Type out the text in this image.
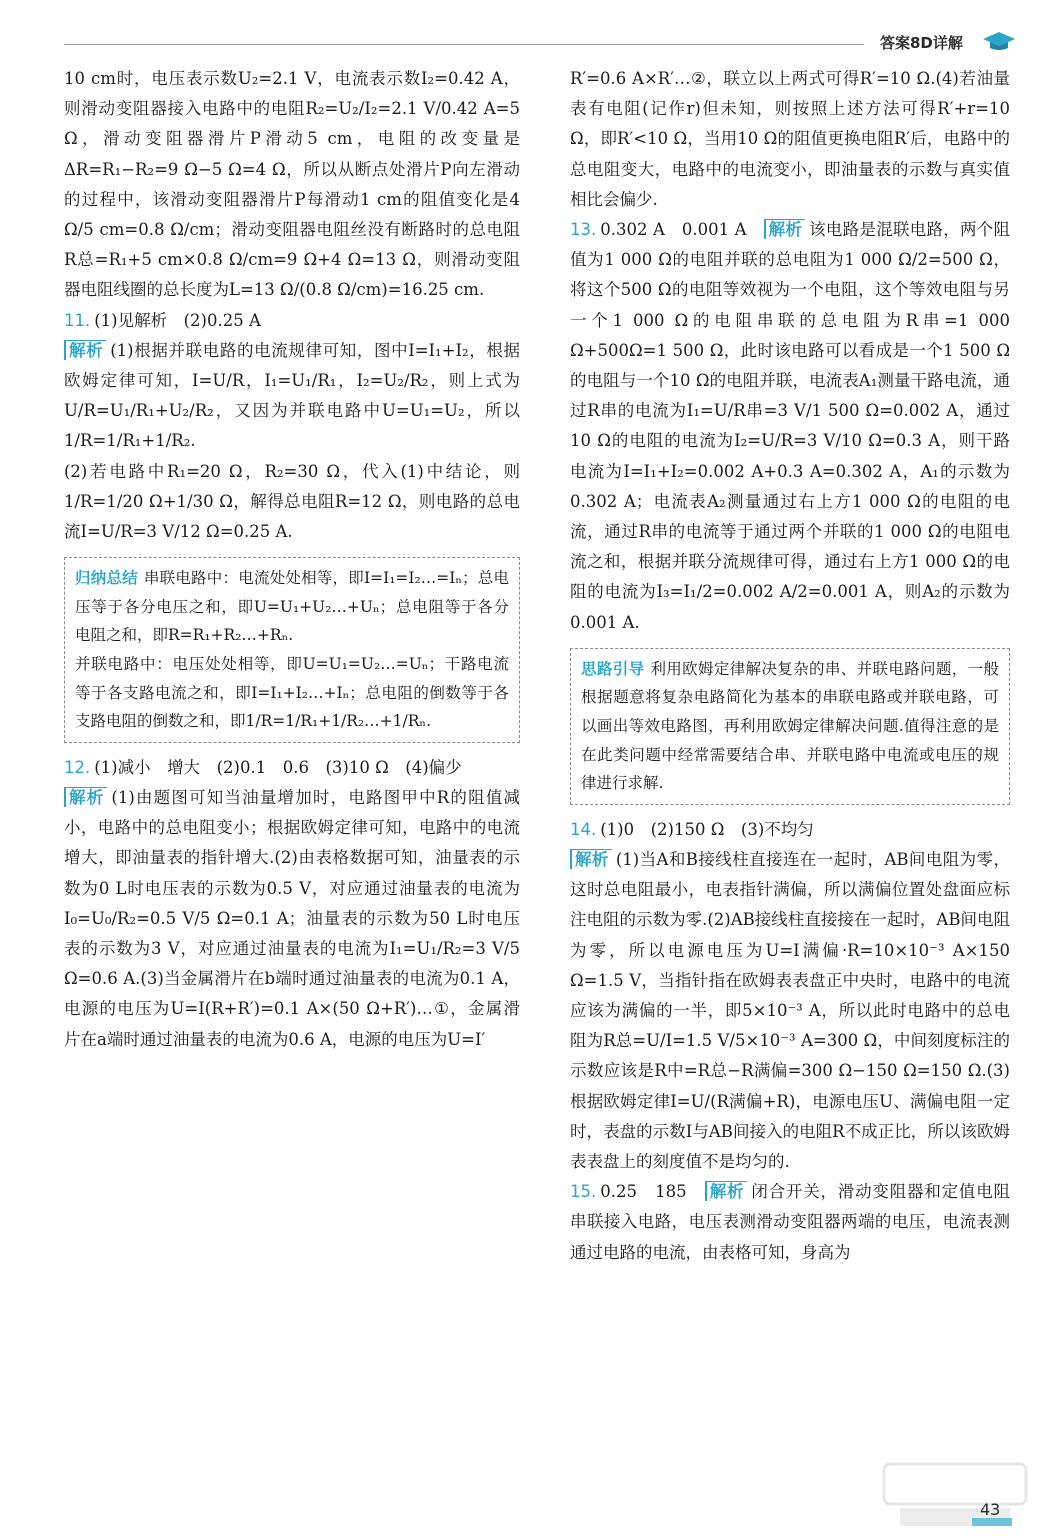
答案8D详解

10 cm时，电压表示数U₂=2.1 V，电流表示数I₂=0.42 A，则滑动变阻器接入电路中的电阻R₂=U₂/I₂=2.1 V/0.42 A=5 Ω，滑动变阻器滑片P滑动5 cm，电阻的改变量是ΔR=R₁−R₂=9 Ω−5 Ω=4 Ω，所以从断点处滑片P向左滑动的过程中，该滑动变阻器滑片P每滑动1 cm的阻值变化是4 Ω/5 cm=0.8 Ω/cm；滑动变阻器电阻丝没有断路时的总电阻R总=R₁+5 cm×0.8 Ω/cm=9 Ω+4 Ω=13 Ω，则滑动变阻器电阻线圈的总长度为L=13 Ω/(0.8 Ω/cm)=16.25 cm.

11. (1)见解析　(2)0.25 A

解析 (1)根据并联电路的电流规律可知，图中I=I₁+I₂，根据欧姆定律可知，I=U/R，I₁=U₁/R₁，I₂=U₂/R₂，则上式为U/R=U₁/R₁+U₂/R₂，又因为并联电路中U=U₁=U₂，所以1/R=1/R₁+1/R₂.

(2)若电路中R₁=20 Ω，R₂=30 Ω，代入(1)中结论，则1/R=1/20 Ω+1/30 Ω，解得总电阻R=12 Ω，则电路的总电流I=U/R=3 V/12 Ω=0.25 A.

归纳总结 串联电路中：电流处处相等，即I=I₁=I₂…=Iₙ；总电压等于各分电压之和，即U=U₁+U₂…+Uₙ；总电阻等于各分电阻之和，即R=R₁+R₂…+Rₙ.

并联电路中：电压处处相等，即U=U₁=U₂…=Uₙ；干路电流等于各支路电流之和，即I=I₁+I₂…+Iₙ；总电阻的倒数等于各支路电阻的倒数之和，即1/R=1/R₁+1/R₂…+1/Rₙ.

12. (1)减小　增大　(2)0.1　0.6　(3)10 Ω　(4)偏少

解析 (1)由题图可知当油量增加时，电路图甲中R的阻值减小，电路中的总电阻变小；根据欧姆定律可知，电路中的电流增大，即油量表的指针增大.(2)由表格数据可知，油量表的示数为0 L时电压表的示数为0.5 V，对应通过油量表的电流为I₀=U₀/R₂=0.5 V/5 Ω=0.1 A；油量表的示数为50 L时电压表的示数为3 V，对应通过油量表的电流为I₁=U₁/R₂=3 V/5 Ω=0.6 A.(3)当金属滑片在b端时通过油量表的电流为0.1 A，电源的电压为U=I(R+R′)=0.1 A×(50 Ω+R′)…①，金属滑片在a端时通过油量表的电流为0.6 A，电源的电压为U=I′

R′=0.6 A×R′…②，联立以上两式可得R′=10 Ω.(4)若油量表有电阻(记作r)但未知，则按照上述方法可得R′+r=10 Ω，即R′<10 Ω，当用10 Ω的阻值更换电阻R′后，电路中的总电阻变大，电路中的电流变小，即油量表的示数与真实值相比会偏少.

13. 0.302 A　0.001 A　 解析 该电路是混联电路，两个阻值为1 000 Ω的电阻并联的总电阻为1 000 Ω/2=500 Ω，将这个500 Ω的电阻等效视为一个电阻，这个等效电阻与另一个1 000 Ω的电阻串联的总电阻为R串=1 000 Ω+500Ω=1 500 Ω，此时该电路可以看成是一个1 500 Ω的电阻与一个10 Ω的电阻并联，电流表A₁测量干路电流，通过R串的电流为I₁=U/R串=3 V/1 500 Ω=0.002 A，通过10 Ω的电阻的电流为I₂=U/R=3 V/10 Ω=0.3 A，则干路电流为I=I₁+I₂=0.002 A+0.3 A=0.302 A，A₁的示数为0.302 A；电流表A₂测量通过右上方1 000 Ω的电阻的电流，通过R串的电流等于通过两个并联的1 000 Ω的电阻电流之和，根据并联分流规律可得，通过右上方1 000 Ω的电阻的电流为I₃=I₁/2=0.002 A/2=0.001 A，则A₂的示数为0.001 A.

思路引导 利用欧姆定律解决复杂的串、并联电路问题，一般根据题意将复杂电路简化为基本的串联电路或并联电路，可以画出等效电路图，再利用欧姆定律解决问题.值得注意的是在此类问题中经常需要结合串、并联电路中电流或电压的规律进行求解.

14. (1)0　(2)150 Ω　(3)不均匀

解析 (1)当A和B接线柱直接连在一起时，AB间电阻为零，这时总电阻最小，电表指针满偏，所以满偏位置处盘面应标注电阻的示数为零.(2)AB接线柱直接接在一起时，AB间电阻为零，所以电源电压为U=I满偏·R=10×10⁻³ A×150 Ω=1.5 V，当指针指在欧姆表表盘正中央时，电路中的电流应该为满偏的一半，即5×10⁻³ A，所以此时电路中的总电阻为R总=U/I=1.5 V/5×10⁻³ A=300 Ω，中间刻度标注的示数应该是R中=R总−R满偏=300 Ω−150 Ω=150 Ω.(3)根据欧姆定律I=U/(R满偏+R)，电源电压U、满偏电阻一定时，表盘的示数I与AB间接入的电阻R不成正比，所以该欧姆表表盘上的刻度值不是均匀的.

15. 0.25　185　 解析 闭合开关，滑动变阻器和定值电阻串联接入电路，电压表测滑动变阻器两端的电压，电流表测通过电路的电流，由表格可知，身高为

43
